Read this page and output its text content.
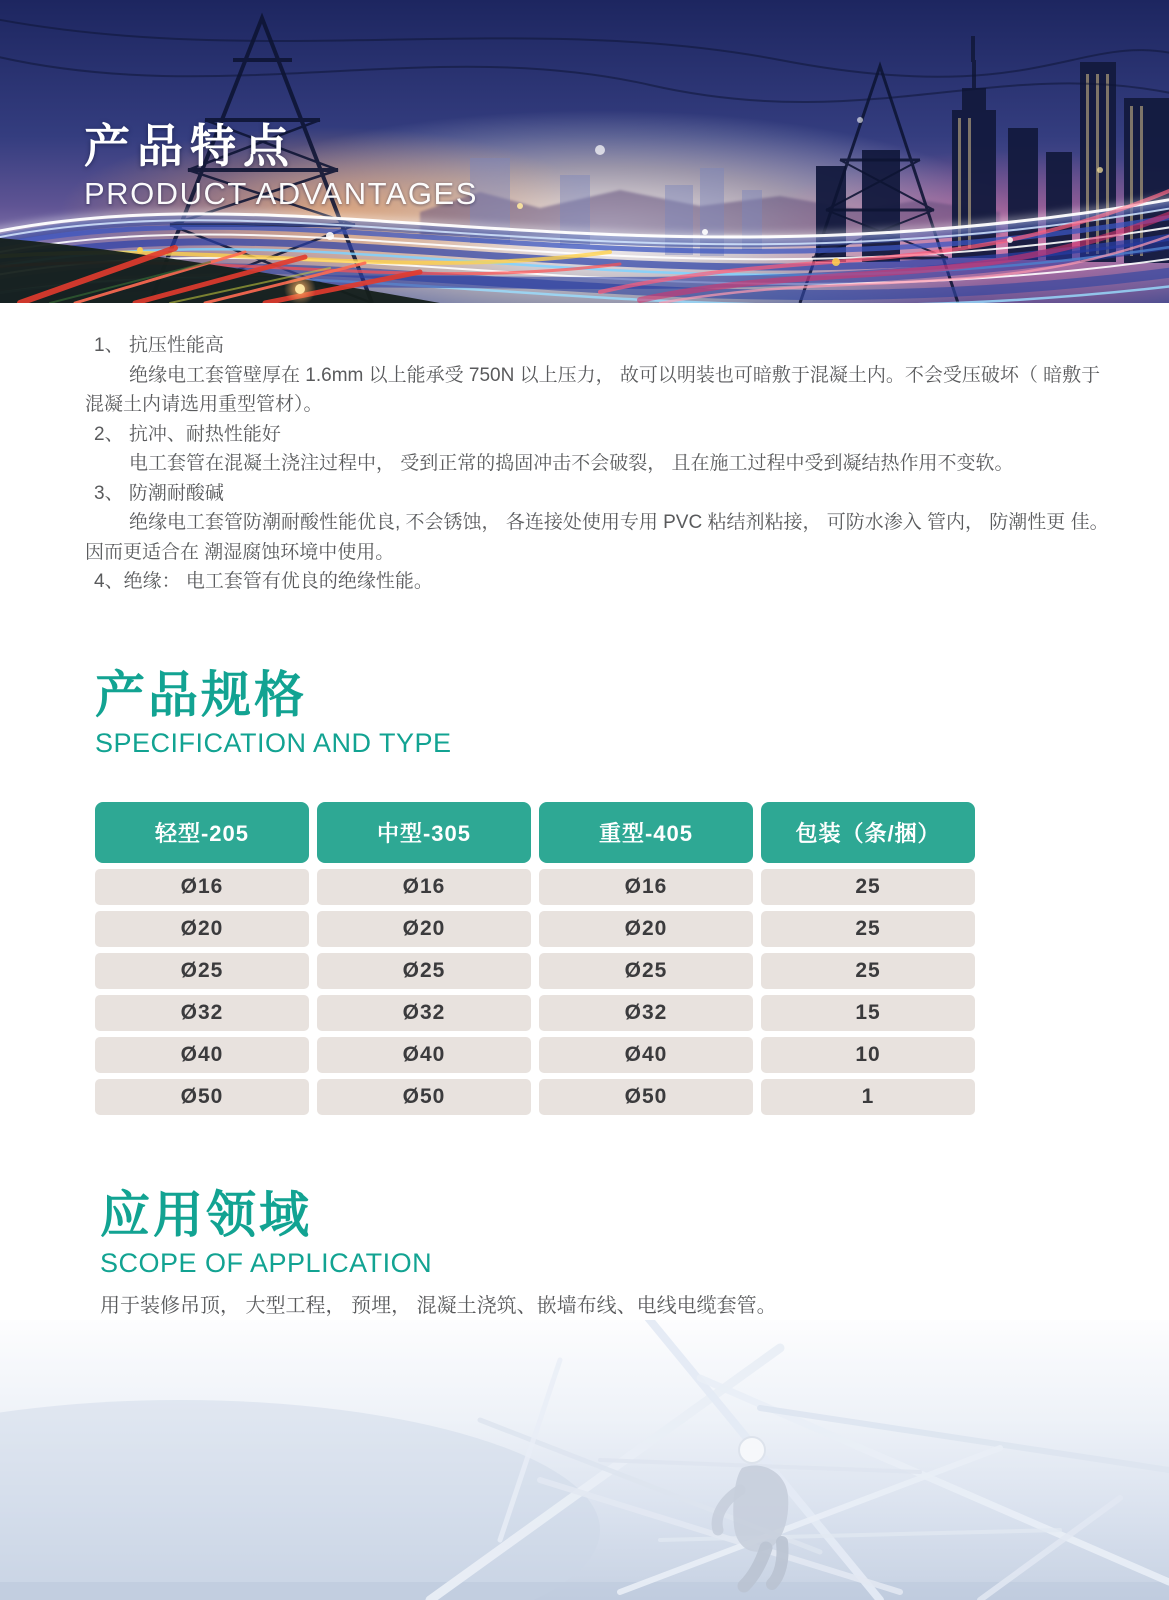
产品特点
PRODUCT ADVANTAGES
1、 抗压性能高
绝缘电工套管壁厚在 1.6mm 以上能承受 750N 以上压力， 故可以明装也可暗敷于混凝土内。不会受压破坏（ 暗敷于
混凝土内请选用重型管材）。
2、 抗冲、耐热性能好
电工套管在混凝土浇注过程中， 受到正常的捣固冲击不会破裂， 且在施工过程中受到凝结热作用不变软。
3、 防潮耐酸碱
绝缘电工套管防潮耐酸性能优良, 不会锈蚀， 各连接处使用专用 PVC 粘结剂粘接， 可防水渗入 管内， 防潮性更 佳。
因而更适合在 潮湿腐蚀环境中使用。
4、绝缘： 电工套管有优良的绝缘性能。
产品规格
SPECIFICATION AND TYPE
轻型-205	中型-305	重型-405	包装（条/捆）
Ø16	Ø16	Ø16	25
Ø20	Ø20	Ø20	25
Ø25	Ø25	Ø25	25
Ø32	Ø32	Ø32	15
Ø40	Ø40	Ø40	10
Ø50	Ø50	Ø50	1
应用领域
SCOPE OF APPLICATION
用于装修吊顶， 大型工程， 预埋， 混凝土浇筑、嵌墙布线、电线电缆套管。
